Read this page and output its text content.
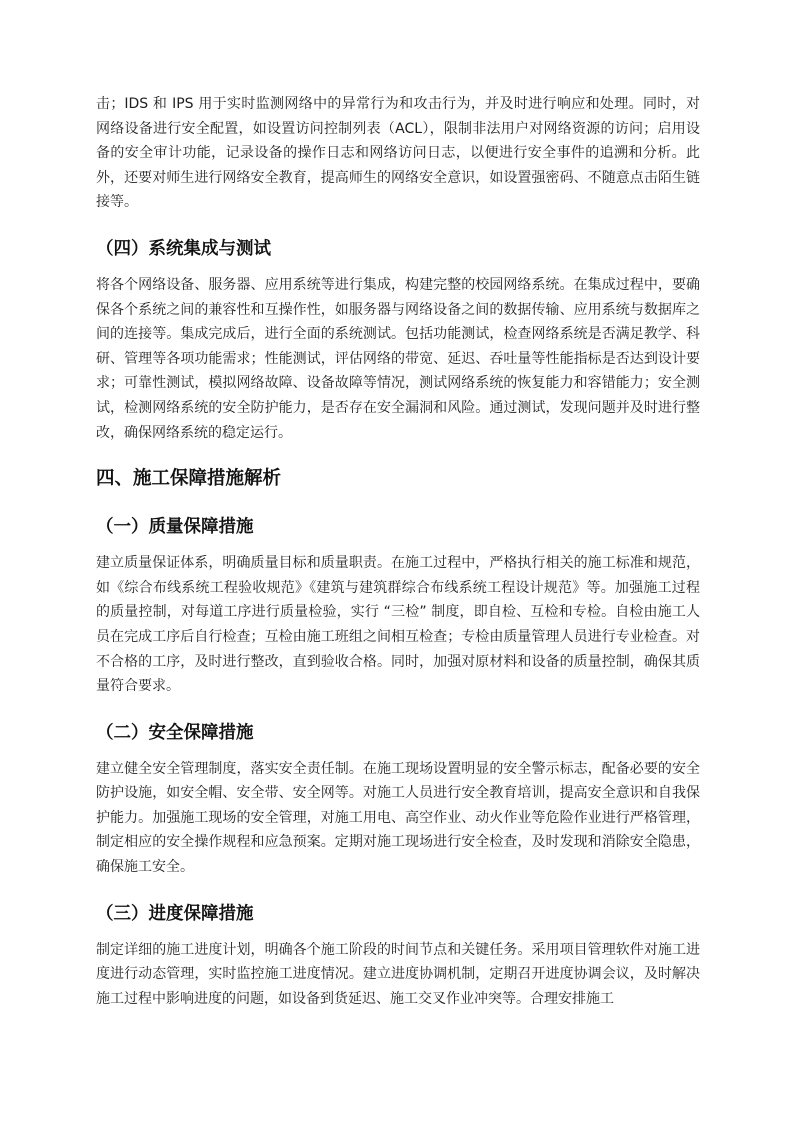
击；IDS 和 IPS 用于实时监测网络中的异常行为和攻击行为，并及时进行响应和处理。同时，对网络设备进行安全配置，如设置访问控制列表（ACL），限制非法用户对网络资源的访问；启用设备的安全审计功能，记录设备的操作日志和网络访问日志，以便进行安全事件的追溯和分析。此外，还要对师生进行网络安全教育，提高师生的网络安全意识，如设置强密码、不随意点击陌生链接等。

（四）系统集成与测试

将各个网络设备、服务器、应用系统等进行集成，构建完整的校园网络系统。在集成过程中，要确保各个系统之间的兼容性和互操作性，如服务器与网络设备之间的数据传输、应用系统与数据库之间的连接等。集成完成后，进行全面的系统测试。包括功能测试，检查网络系统是否满足教学、科研、管理等各项功能需求；性能测试，评估网络的带宽、延迟、吞吐量等性能指标是否达到设计要求；可靠性测试，模拟网络故障、设备故障等情况，测试网络系统的恢复能力和容错能力；安全测试，检测网络系统的安全防护能力，是否存在安全漏洞和风险。通过测试，发现问题并及时进行整改，确保网络系统的稳定运行。

四、施工保障措施解析
（一）质量保障措施

建立质量保证体系，明确质量目标和质量职责。在施工过程中，严格执行相关的施工标准和规范，如《综合布线系统工程验收规范》《建筑与建筑群综合布线系统工程设计规范》等。加强施工过程的质量控制，对每道工序进行质量检验，实行 “三检” 制度，即自检、互检和专检。自检由施工人员在完成工序后自行检查；互检由施工班组之间相互检查；专检由质量管理人员进行专业检查。对不合格的工序，及时进行整改，直到验收合格。同时，加强对原材料和设备的质量控制，确保其质量符合要求。

（二）安全保障措施

建立健全安全管理制度，落实安全责任制。在施工现场设置明显的安全警示标志，配备必要的安全防护设施，如安全帽、安全带、安全网等。对施工人员进行安全教育培训，提高安全意识和自我保护能力。加强施工现场的安全管理，对施工用电、高空作业、动火作业等危险作业进行严格管理，制定相应的安全操作规程和应急预案。定期对施工现场进行安全检查，及时发现和消除安全隐患，确保施工安全。

（三）进度保障措施

制定详细的施工进度计划，明确各个施工阶段的时间节点和关键任务。采用项目管理软件对施工进度进行动态管理，实时监控施工进度情况。建立进度协调机制，定期召开进度协调会议，及时解决施工过程中影响进度的问题，如设备到货延迟、施工交叉作业冲突等。合理安排施工
